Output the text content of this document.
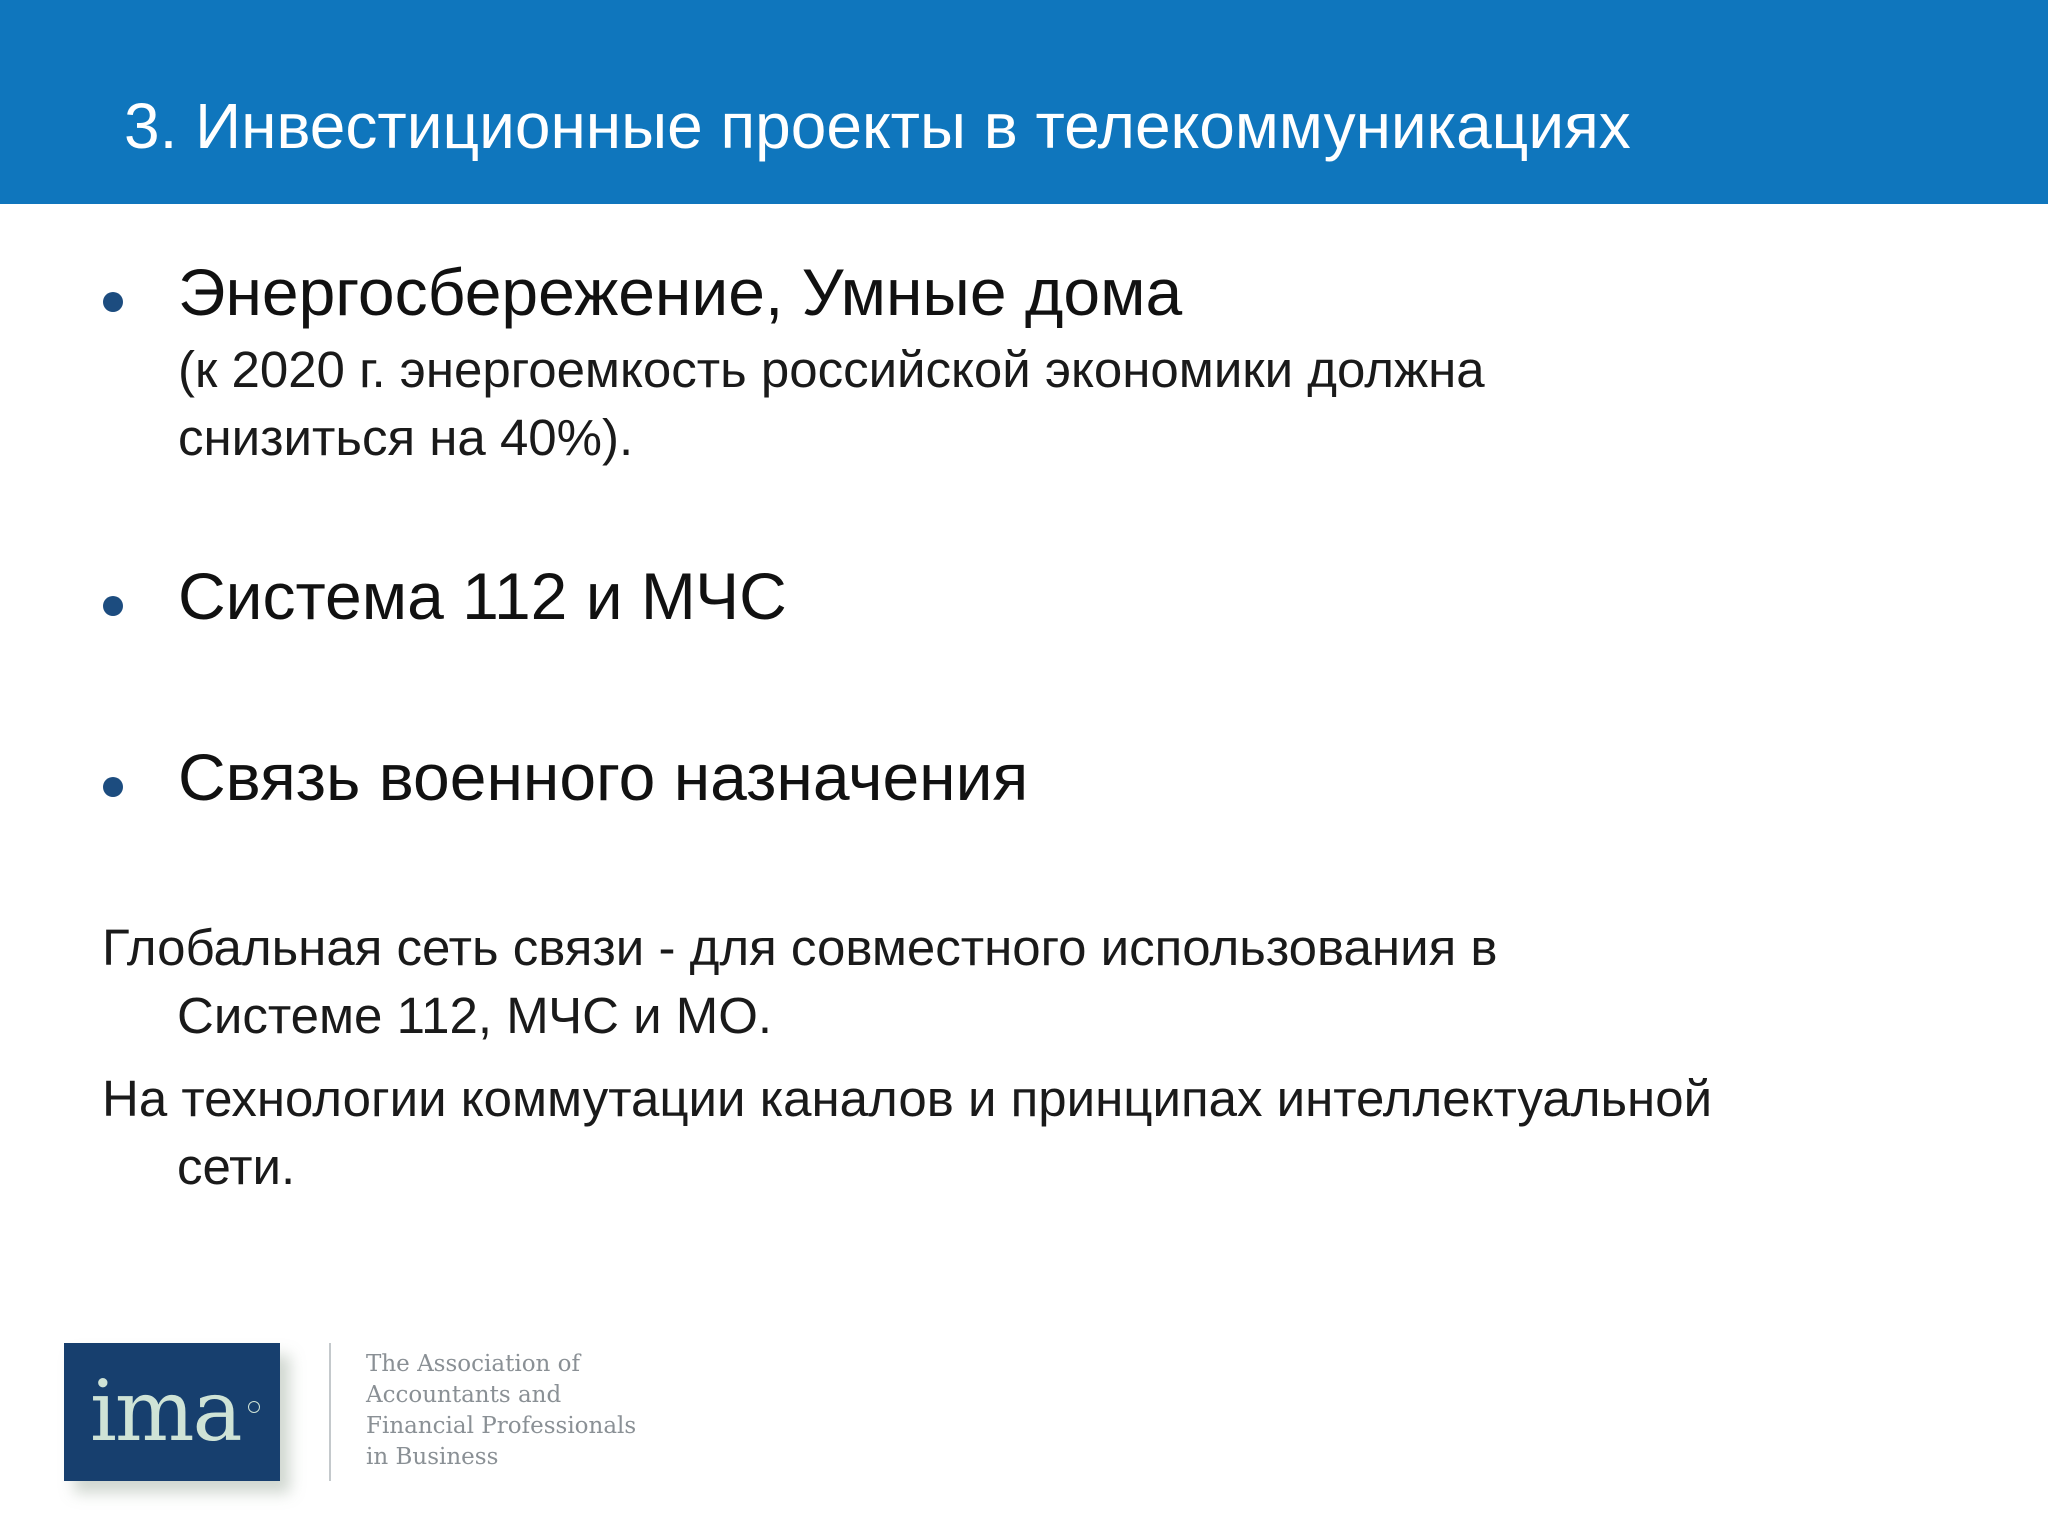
3. Инвестиционные проекты в телекоммуникациях
Энергосбережение, Умные дома
(к 2020 г. энергоемкость российской экономики должна
снизиться на 40%).
Система 112 и МЧС
Связь военного назначения
Глобальная сеть связи - для совместного использования в
Системе 112, МЧС и МО.
На технологии коммутации каналов и принципах интеллектуальной
сети.
ima	The Association of
Accountants and
Financial Professionals
in Business
